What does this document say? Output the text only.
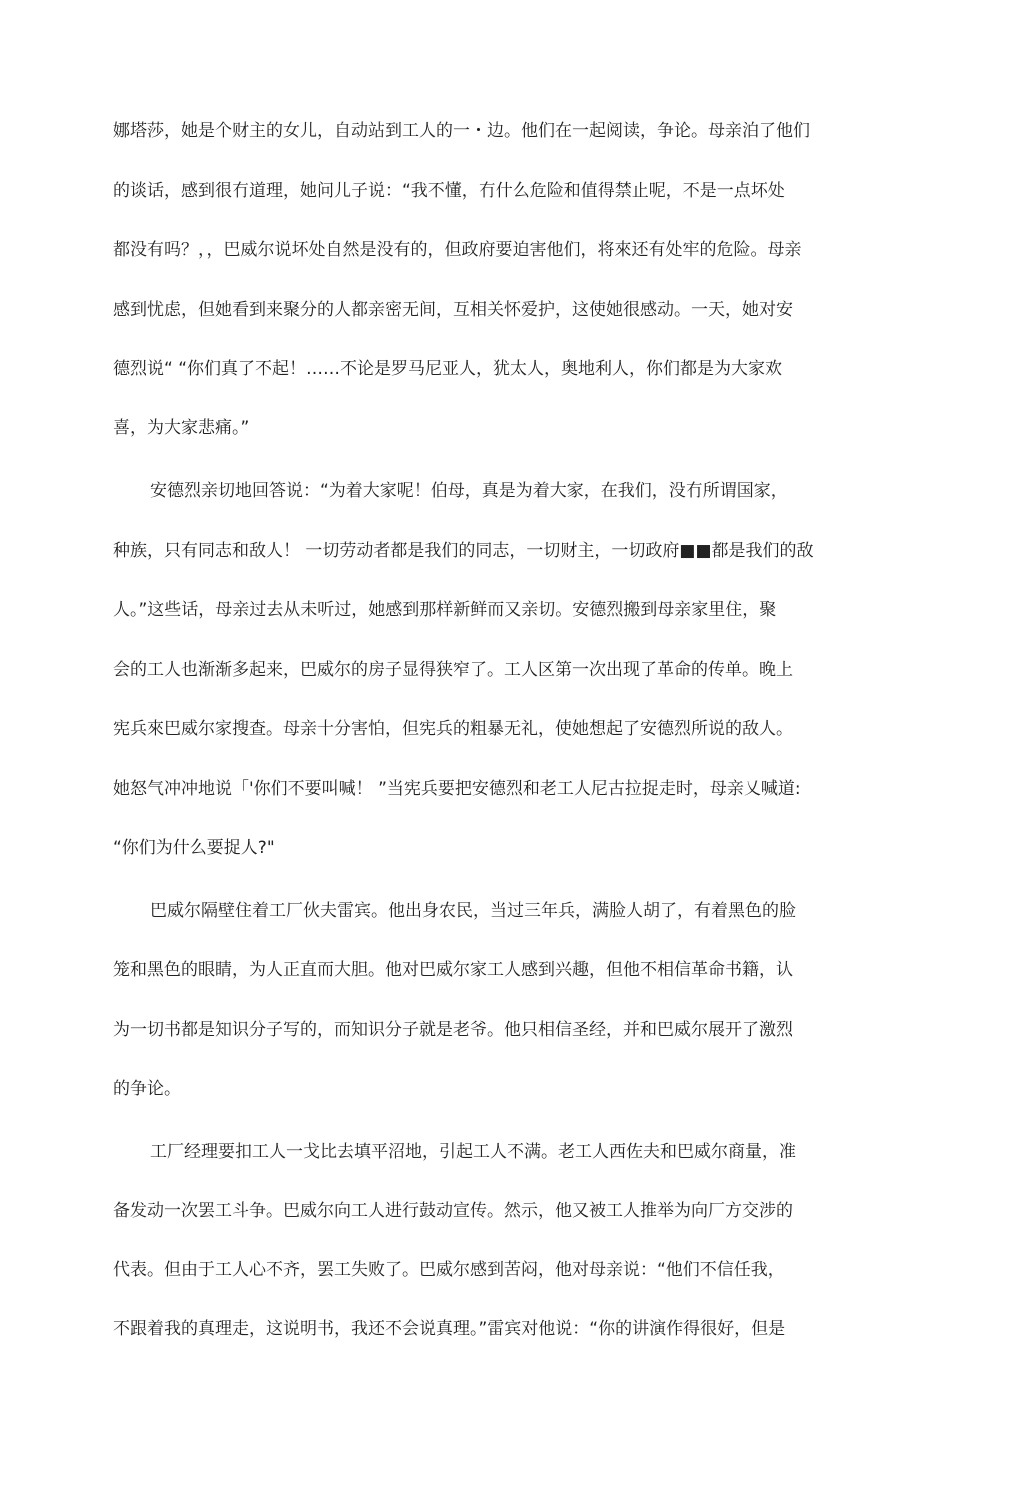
娜塔莎，她是个财主的女儿，自动站到工人的一・边。他们在一起阅读，争论。母亲泊了他们
的谈话，感到很冇道理，她问儿子说：“我不懂，冇什么危险和值得禁止呢，不是一点坏处
都没有吗？，，巴威尔说坏处自然是没有的，但政府要迫害他们，将來还有处牢的危险。母亲
感到忧虑，但她看到来聚分的人都亲密无间，互相关怀爱护，这使她很感动。一天，她对安
德烈说“ “你们真了不起！……不论是罗马尼亚人，犹太人，奥地利人，你们都是为大家欢
喜，为大家悲痛。”
安德烈亲切地回答说：“为着大家呢！伯母，真是为着大家，在我们，没冇所谓国家，
种族，只有同志和敌人！ 一切劳动者都是我们的同志，一切财主，一切政府■■都是我们的敌
人。”这些话，母亲过去从未听过，她感到那样新鲜而又亲切。安德烈搬到母亲家里住，聚
会的工人也渐渐多起来，巴威尔的房子显得狭窄了。工人区第一次出现了革命的传单。晚上
宪兵來巴威尔家搜查。母亲十分害怕，但宪兵的粗暴无礼，使她想起了安德烈所说的敌人。
她怒气冲冲地说「'你们不要叫喊！ ”当宪兵要把安德烈和老工人尼古拉捉走时，母亲乂喊道:
“你们为什么要捉人?"
巴威尔隔壁住着工厂伙夫雷宾。他出身农民，当过三年兵，满脸人胡了，有着黑色的脸
笼和黑色的眼睛，为人正直而大胆。他对巴威尔家工人感到兴趣，但他不相信革命书籍，认
为一切书都是知识分子写的，而知识分子就是老爷。他只相信圣经，并和巴威尔展开了激烈
的争论。
工厂经理要扣工人一戈比去填平沼地，引起工人不满。老工人西佐夫和巴威尔商量，准
备发动一次罢工斗争。巴威尔向工人进行鼓动宣传。然示，他又被工人推举为向厂方交涉的
代表。但由于工人心不齐，罢工失败了。巴威尔感到苦闷，他对母亲说：“他们不信任我，
不跟着我的真理走，这说明书，我还不会说真理。”雷宾对他说：“你的讲演作得很好，但是
